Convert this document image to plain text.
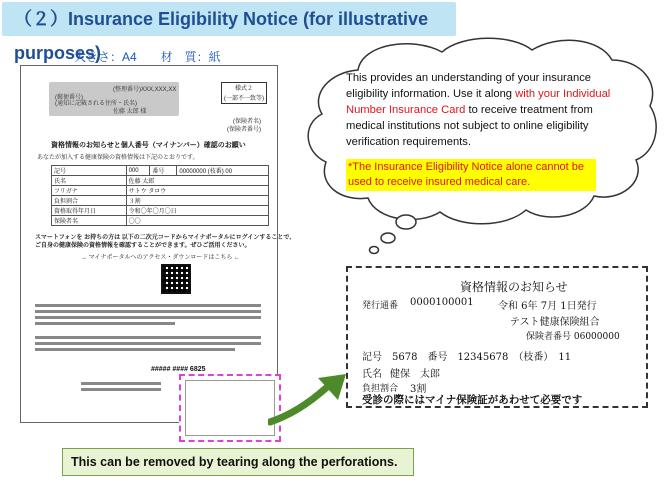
（２）Insurance Eligibility Notice (for illustrative purposes)
大きさ：A4　　材　質：紙
(整理番号)XXX,XXX,XX
(郵便番号)
(通知に記載される住所・氏名)
佐藤 太郎 様
様式２
(一部不一致等)
(保険者名)
(保険者番号)
資格情報のお知らせと個人番号（マイナンバー）確認のお願い
あなたが加入する健康保険の資格情報は下記のとおりです。
記号	000	番号	00000000 (枝番) 00
氏名	佐藤 太郎		
フリガナ	サトウ タロウ		
負担割合	３割		
資格取得年月日	令和〇年〇月〇日		
保険者名	〇〇		
スマートフォンを お持ちの方は 以下の二次元コードからマイナポータルにログインすることで、
ご自身の健康保険の資格情報を確認することができます。ぜひご活用ください。
→ マイナポータルへのアクセス・ダウンロードはこちら ←
##### #### 6825
This provides an understanding of your insurance eligibility information. Use it along with your Individual Number Insurance Card to receive treatment from medical institutions not subject to online eligibility verification requirements.
*The Insurance Eligibility Notice alone cannot be used to receive insured medical care.
資格情報のお知らせ
発行通番 0000100001 令和 6年 7月 1日発行
テスト健康保険組合
保険者番号 06000000
記号　5678　番号　12345678　（枝番）　11
氏名 健保　太郎
負担割合 3割
受診の際にはマイナ保険証があわせて必要です
This can be removed by tearing along the perforations.
